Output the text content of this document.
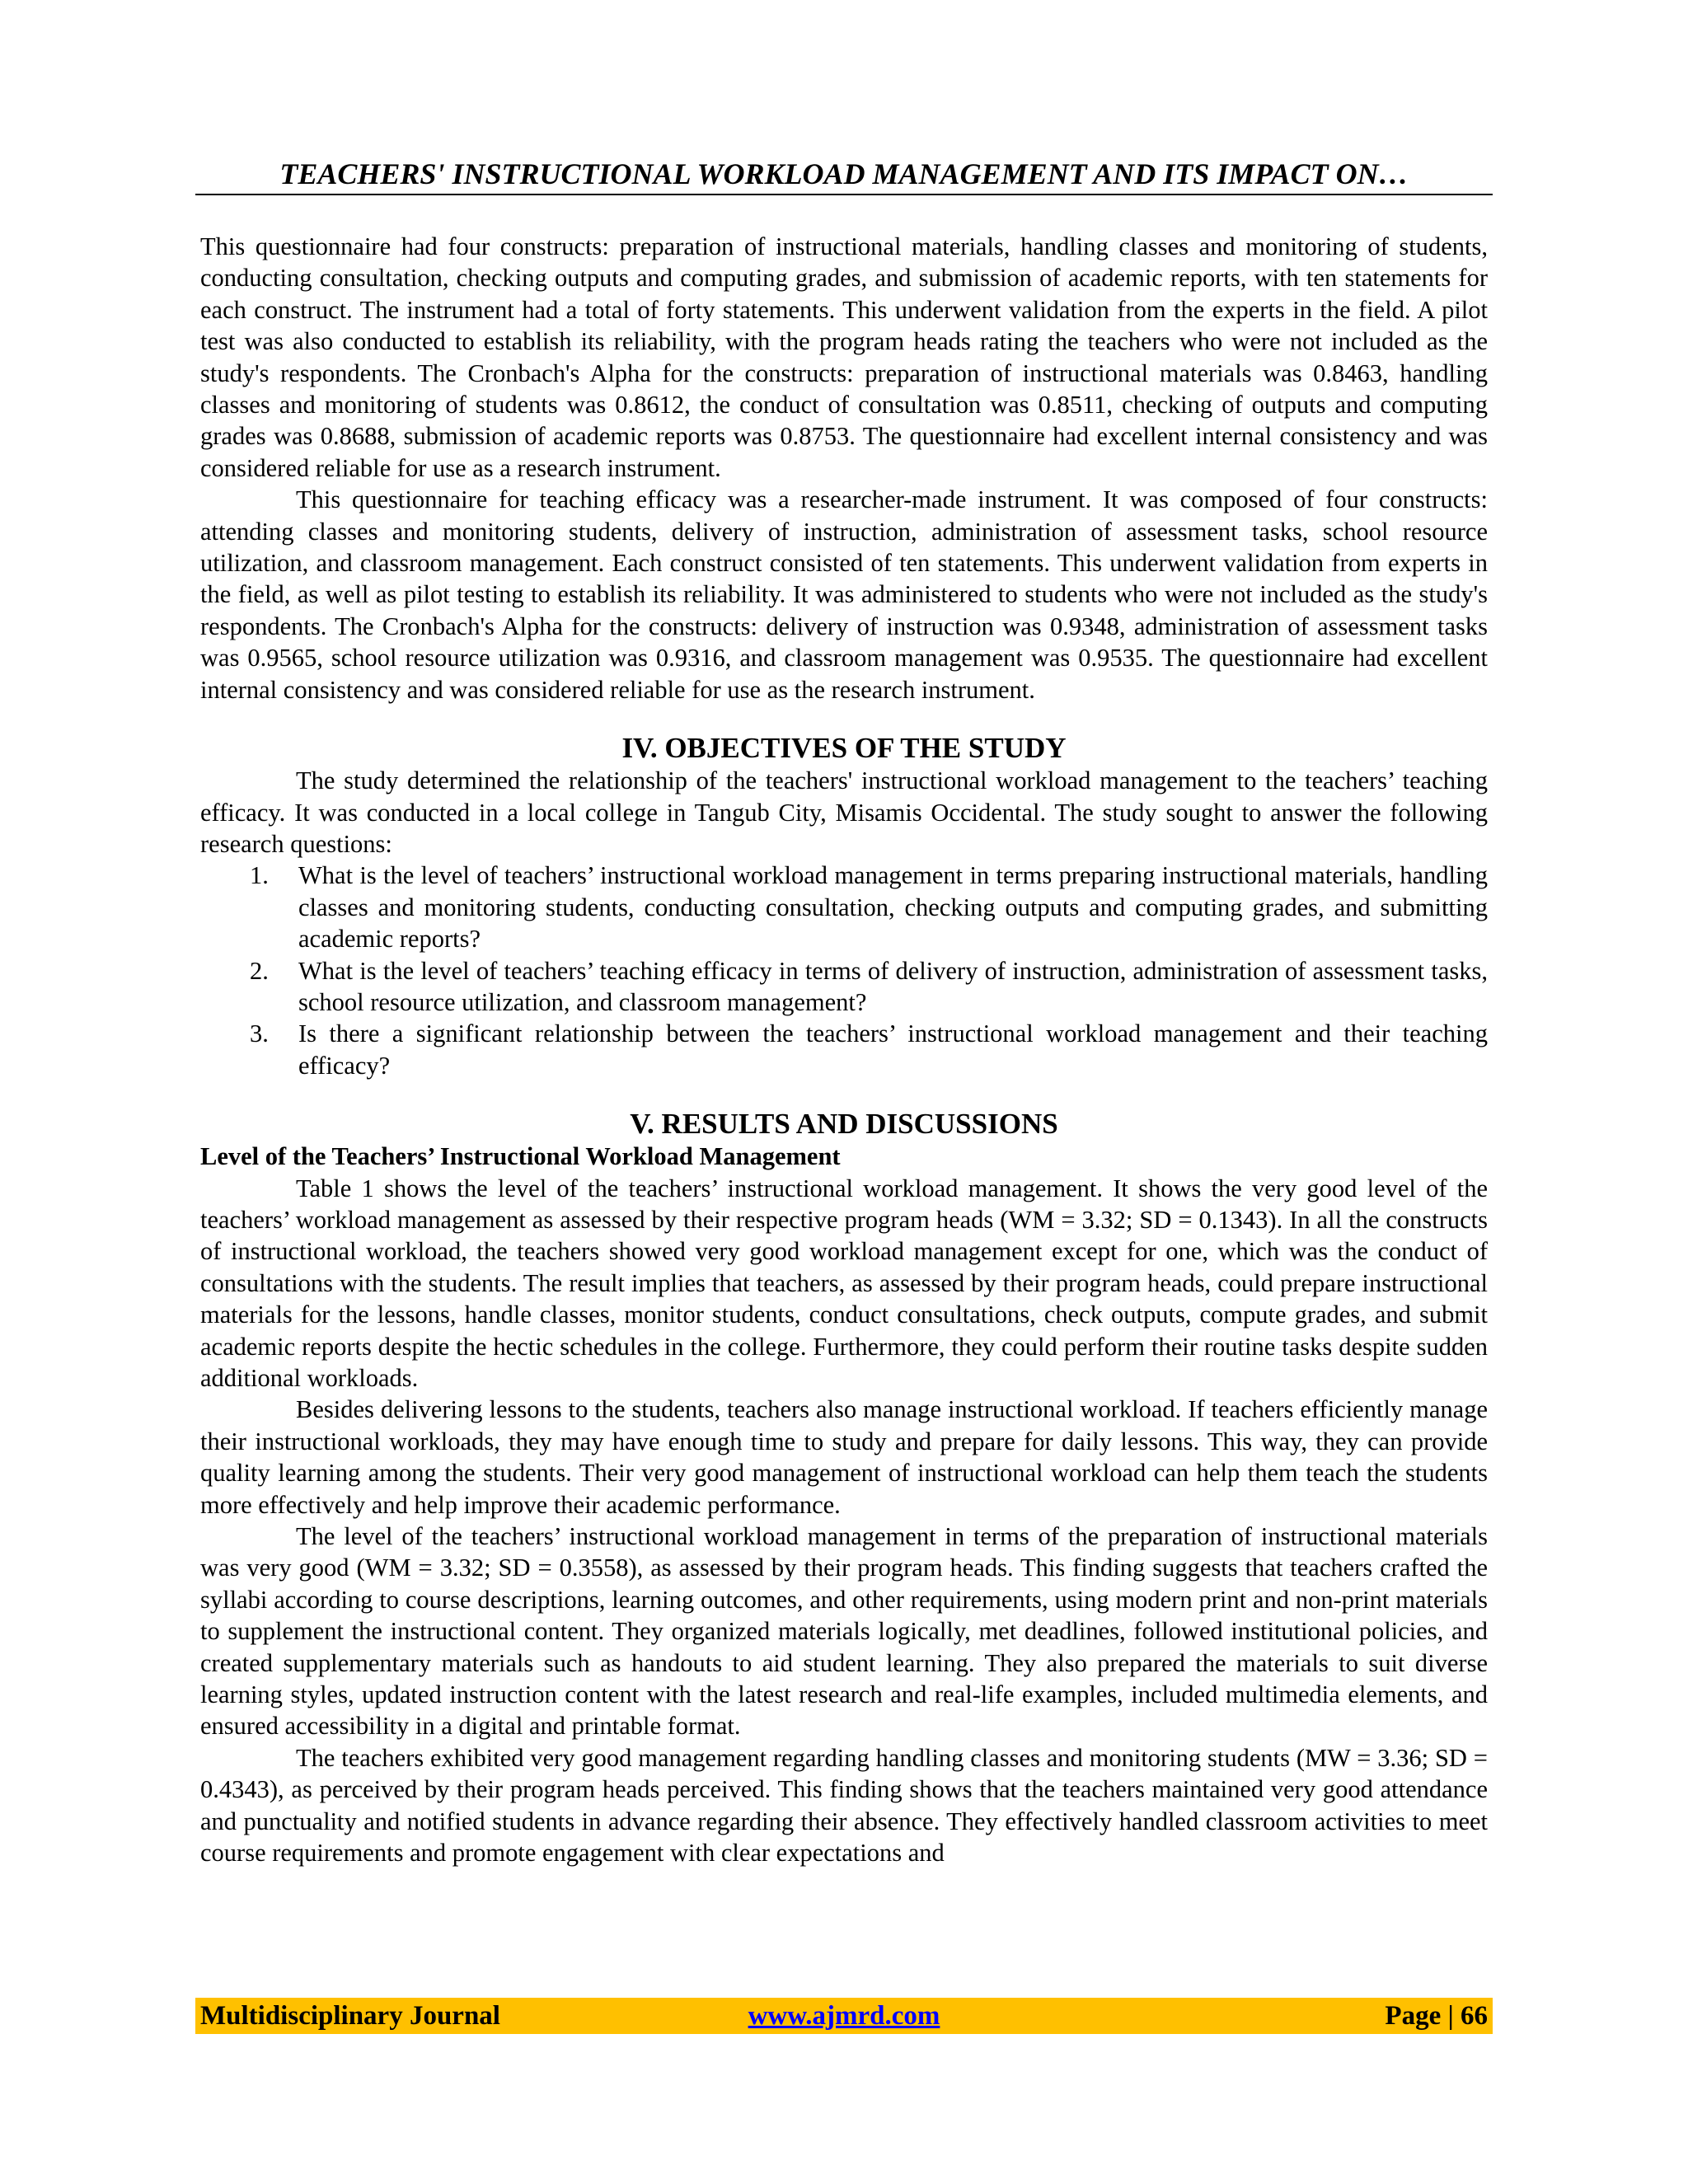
TEACHERS' INSTRUCTIONAL WORKLOAD MANAGEMENT AND ITS IMPACT ON…

This questionnaire had four constructs: preparation of instructional materials, handling classes and monitoring of students, conducting consultation, checking outputs and computing grades, and submission of academic reports, with ten statements for each construct. The instrument had a total of forty statements. This underwent validation from the experts in the field. A pilot test was also conducted to establish its reliability, with the program heads rating the teachers who were not included as the study's respondents. The Cronbach's Alpha for the constructs: preparation of instructional materials was 0.8463, handling classes and monitoring of students was 0.8612, the conduct of consultation was 0.8511, checking of outputs and computing grades was 0.8688, submission of academic reports was 0.8753. The questionnaire had excellent internal consistency and was considered reliable for use as a research instrument.

This questionnaire for teaching efficacy was a researcher-made instrument. It was composed of four constructs: attending classes and monitoring students, delivery of instruction, administration of assessment tasks, school resource utilization, and classroom management. Each construct consisted of ten statements. This underwent validation from experts in the field, as well as pilot testing to establish its reliability. It was administered to students who were not included as the study's respondents. The Cronbach's Alpha for the constructs: delivery of instruction was 0.9348, administration of assessment tasks was 0.9565, school resource utilization was 0.9316, and classroom management was 0.9535. The questionnaire had excellent internal consistency and was considered reliable for use as the research instrument.

IV. OBJECTIVES OF THE STUDY

The study determined the relationship of the teachers' instructional workload management to the teachers’ teaching efficacy. It was conducted in a local college in Tangub City, Misamis Occidental. The study sought to answer the following research questions:

1. What is the level of teachers’ instructional workload management in terms preparing instructional materials, handling classes and monitoring students, conducting consultation, checking outputs and computing grades, and submitting academic reports?
2. What is the level of teachers’ teaching efficacy in terms of delivery of instruction, administration of assessment tasks, school resource utilization, and classroom management?
3. Is there a significant relationship between the teachers’ instructional workload management and their teaching efficacy?
V. RESULTS AND DISCUSSIONS
Level of the Teachers’ Instructional Workload Management

Table 1 shows the level of the teachers’ instructional workload management. It shows the very good level of the teachers’ workload management as assessed by their respective program heads (WM = 3.32; SD = 0.1343). In all the constructs of instructional workload, the teachers showed very good workload management except for one, which was the conduct of consultations with the students. The result implies that teachers, as assessed by their program heads, could prepare instructional materials for the lessons, handle classes, monitor students, conduct consultations, check outputs, compute grades, and submit academic reports despite the hectic schedules in the college. Furthermore, they could perform their routine tasks despite sudden additional workloads.

Besides delivering lessons to the students, teachers also manage instructional workload. If teachers efficiently manage their instructional workloads, they may have enough time to study and prepare for daily lessons. This way, they can provide quality learning among the students. Their very good management of instructional workload can help them teach the students more effectively and help improve their academic performance.

The level of the teachers’ instructional workload management in terms of the preparation of instructional materials was very good (WM = 3.32; SD = 0.3558), as assessed by their program heads. This finding suggests that teachers crafted the syllabi according to course descriptions, learning outcomes, and other requirements, using modern print and non-print materials to supplement the instructional content. They organized materials logically, met deadlines, followed institutional policies, and created supplementary materials such as handouts to aid student learning. They also prepared the materials to suit diverse learning styles, updated instruction content with the latest research and real-life examples, included multimedia elements, and ensured accessibility in a digital and printable format.

The teachers exhibited very good management regarding handling classes and monitoring students (MW = 3.36; SD = 0.4343), as perceived by their program heads perceived. This finding shows that the teachers maintained very good attendance and punctuality and notified students in advance regarding their absence. They effectively handled classroom activities to meet course requirements and promote engagement with clear expectations and

Multidisciplinary Journal	www.ajmrd.com	Page | 66
